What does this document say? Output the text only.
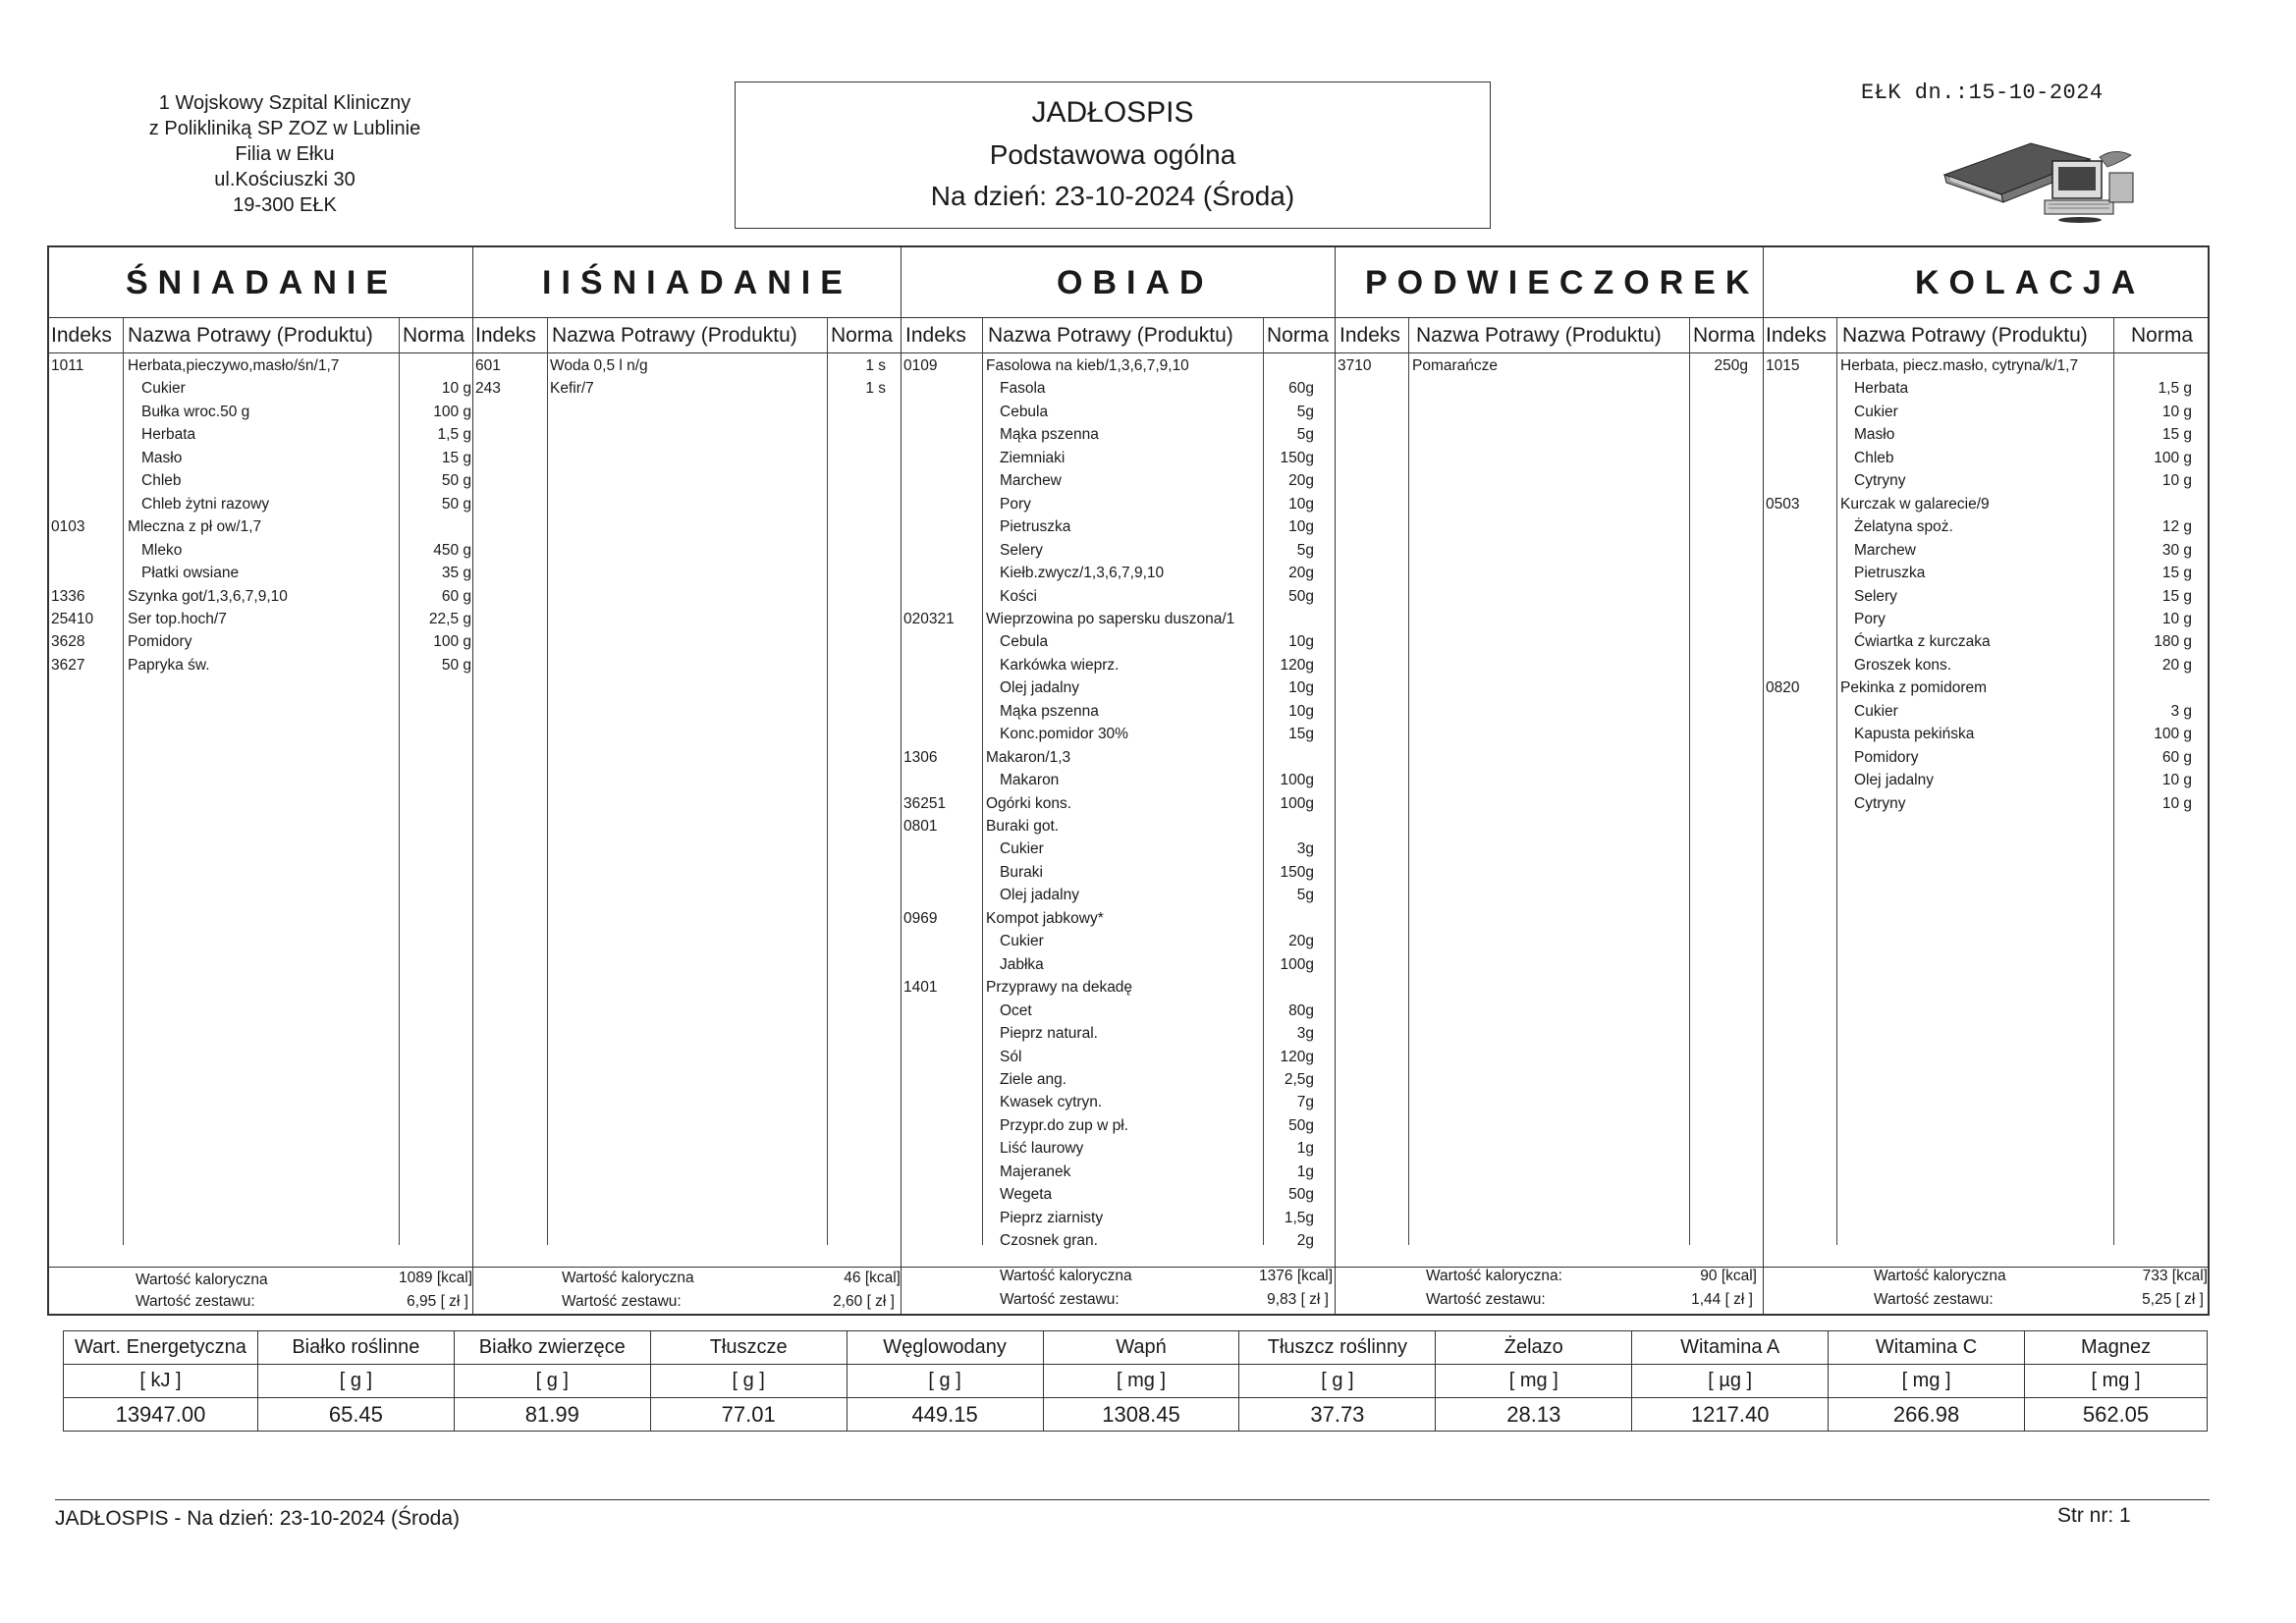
1 Wojskowy Szpital Kliniczny
z Polikliniką SP ZOZ w Lublinie
Filia w Ełku
ul.Kościuszki 30
19-300 EŁK
JADŁOSPIS
Podstawowa ogólna
Na dzień: 23-10-2024 (Środa)
EŁK dn.:15-10-2024
ŚNIADANIE
Indeks Nazwa Potrawy (Produktu) Norma
1011	Herbata,pieczywo,masło/śn/1,7
Cukier	10 g
Bułka wroc.50 g	100 g
Herbata	1,5 g
Masło	15 g
Chleb	50 g
Chleb żytni razowy	50 g
0103	Mleczna z pł ow/1,7
Mleko	450 g
Płatki owsiane	35 g
1336	Szynka got/1,3,6,7,9,10	60 g
25410 Ser top.hoch/7	22,5 g
3628	Pomidory	100 g
3627	Papryka św.	50 g
Wartość kaloryczna	1089 [kcal]
Wartość zestawu:	6,95 [ zł ]
IIŚNIADANIE
Indeks Nazwa Potrawy (Produktu) Norma
601	Woda 0,5 l n/g	1 s
243	Kefir/7	1 s
Wartość kaloryczna	46 [kcal]
Wartość zestawu:	2,60 [ zł ]
OBIAD
Indeks Nazwa Potrawy (Produktu) Norma
0109	Fasolowa na kieb/1,3,6,7,9,10
Fasola	60g
Cebula	5g
Mąka pszenna	5g
Ziemniaki	150g
Marchew	20g
Pory	10g
Pietruszka	10g
Selery	5g
Kiełb.zwycz/1,3,6,7,9,10	20g
Kości	50g
020321 Wieprzowina po sapersku duszona/1
Cebula	10g
Karkówka wieprz.	120g
Olej jadalny	10g
Mąka pszenna	10g
Konc.pomidor 30%	15g
1306	Makaron/1,3
Makaron	100g
36251	Ogórki kons.	100g
0801	Buraki got.
Cukier	3g
Buraki	150g
Olej jadalny	5g
0969	Kompot jabkowy*
Cukier	20g
Jabłka	100g
1401	Przyprawy na dekadę
Ocet	80g
Pieprz natural.	3g
Sól	120g
Ziele ang.	2,5g
Kwasek cytryn.	7g
Przypr.do zup w pł.	50g
Liść laurowy	1g
Majeranek	1g
Wegeta	50g
Pieprz ziarnisty	1,5g
Czosnek gran.	2g
Wartość kaloryczna	1376 [kcal]
Wartość zestawu:	9,83 [ zł ]
PODWIECZOREK
Indeks Nazwa Potrawy (Produktu) Norma
3710	Pomarańcze	250g
Wartość kaloryczna:	90 [kcal]
Wartość zestawu:	1,44 [ zł ]
KOLACJA
Indeks Nazwa Potrawy (Produktu) Norma
1015	Herbata, piecz.masło, cytryna/k/1,7
Herbata	1,5 g
Cukier	10 g
Masło	15 g
Chleb	100 g
Cytryny	10 g
0503	Kurczak w galarecie/9
Żelatyna spoż.	12 g
Marchew	30 g
Pietruszka	15 g
Selery	15 g
Pory	10 g
Ćwiartka z kurczaka	180 g
Groszek kons.	20 g
0820	Pekinka z pomidorem
Cukier	3 g
Kapusta pekińska	100 g
Pomidory	60 g
Olej jadalny	10 g
Cytryny	10 g
Wartość kaloryczna	733 [kcal]
Wartość zestawu:	5,25 [ zł ]
Wart. Energetyczna	Białko roślinne	Białko zwierzęce	Tłuszcze	Węglowodany	Wapń	Tłuszcz roślinny	Żelazo	Witamina A	Witamina C	Magnez
[ kJ ]	[ g ]	[ g ]	[ g ]	[ g ]	[ mg ]	[ g ]	[ mg ]	[ µg ]	[ mg ]	[ mg ]
13947.00	65.45	81.99	77.01	449.15	1308.45	37.73	28.13	1217.40	266.98	562.05
JADŁOSPIS - Na dzień: 23-10-2024 (Środa)	Str nr: 1
